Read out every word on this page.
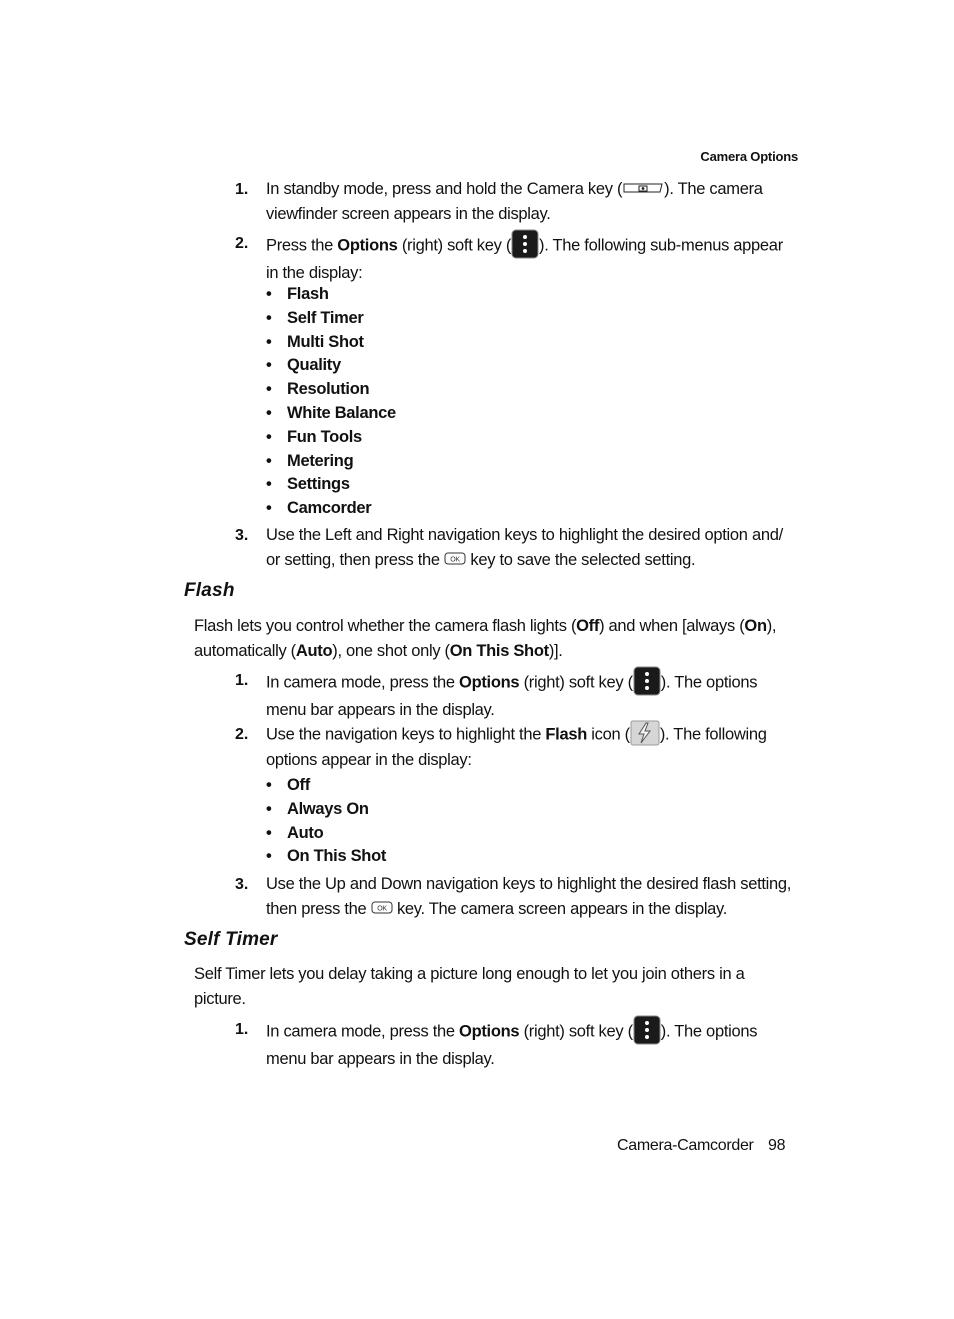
Camera Options
1. In standby mode, press and hold the Camera key (	). The camera
viewfinder screen appears in the display.
2. Press the Options (right) soft key ( ). The following sub-menus appear
in the display:
• Flash
• Self Timer
• Multi Shot
• Quality
• Resolution
• White Balance
• Fun Tools
• Metering
• Settings
• Camcorder
3. Use the Left and Right navigation keys to highlight the desired option and/
or setting, then press the OK key to save the selected setting.
Flash
Flash lets you control whether the camera flash lights (Off) and when [always (On),
automatically (Auto), one shot only (On This Shot)].
1. In camera mode, press the Options (right) soft key ( ). The options
menu bar appears in the display.
2. Use the navigation keys to highlight the Flash icon ( ). The following
options appear in the display:
• Off
• Always On
• Auto
• On This Shot
3. Use the Up and Down navigation keys to highlight the desired flash setting,
then press the OK key. The camera screen appears in the display.
Self Timer
Self Timer lets you delay taking a picture long enough to let you join others in a
picture.
1. In camera mode, press the Options (right) soft key ( ). The options
menu bar appears in the display.
Camera-Camcorder 98
